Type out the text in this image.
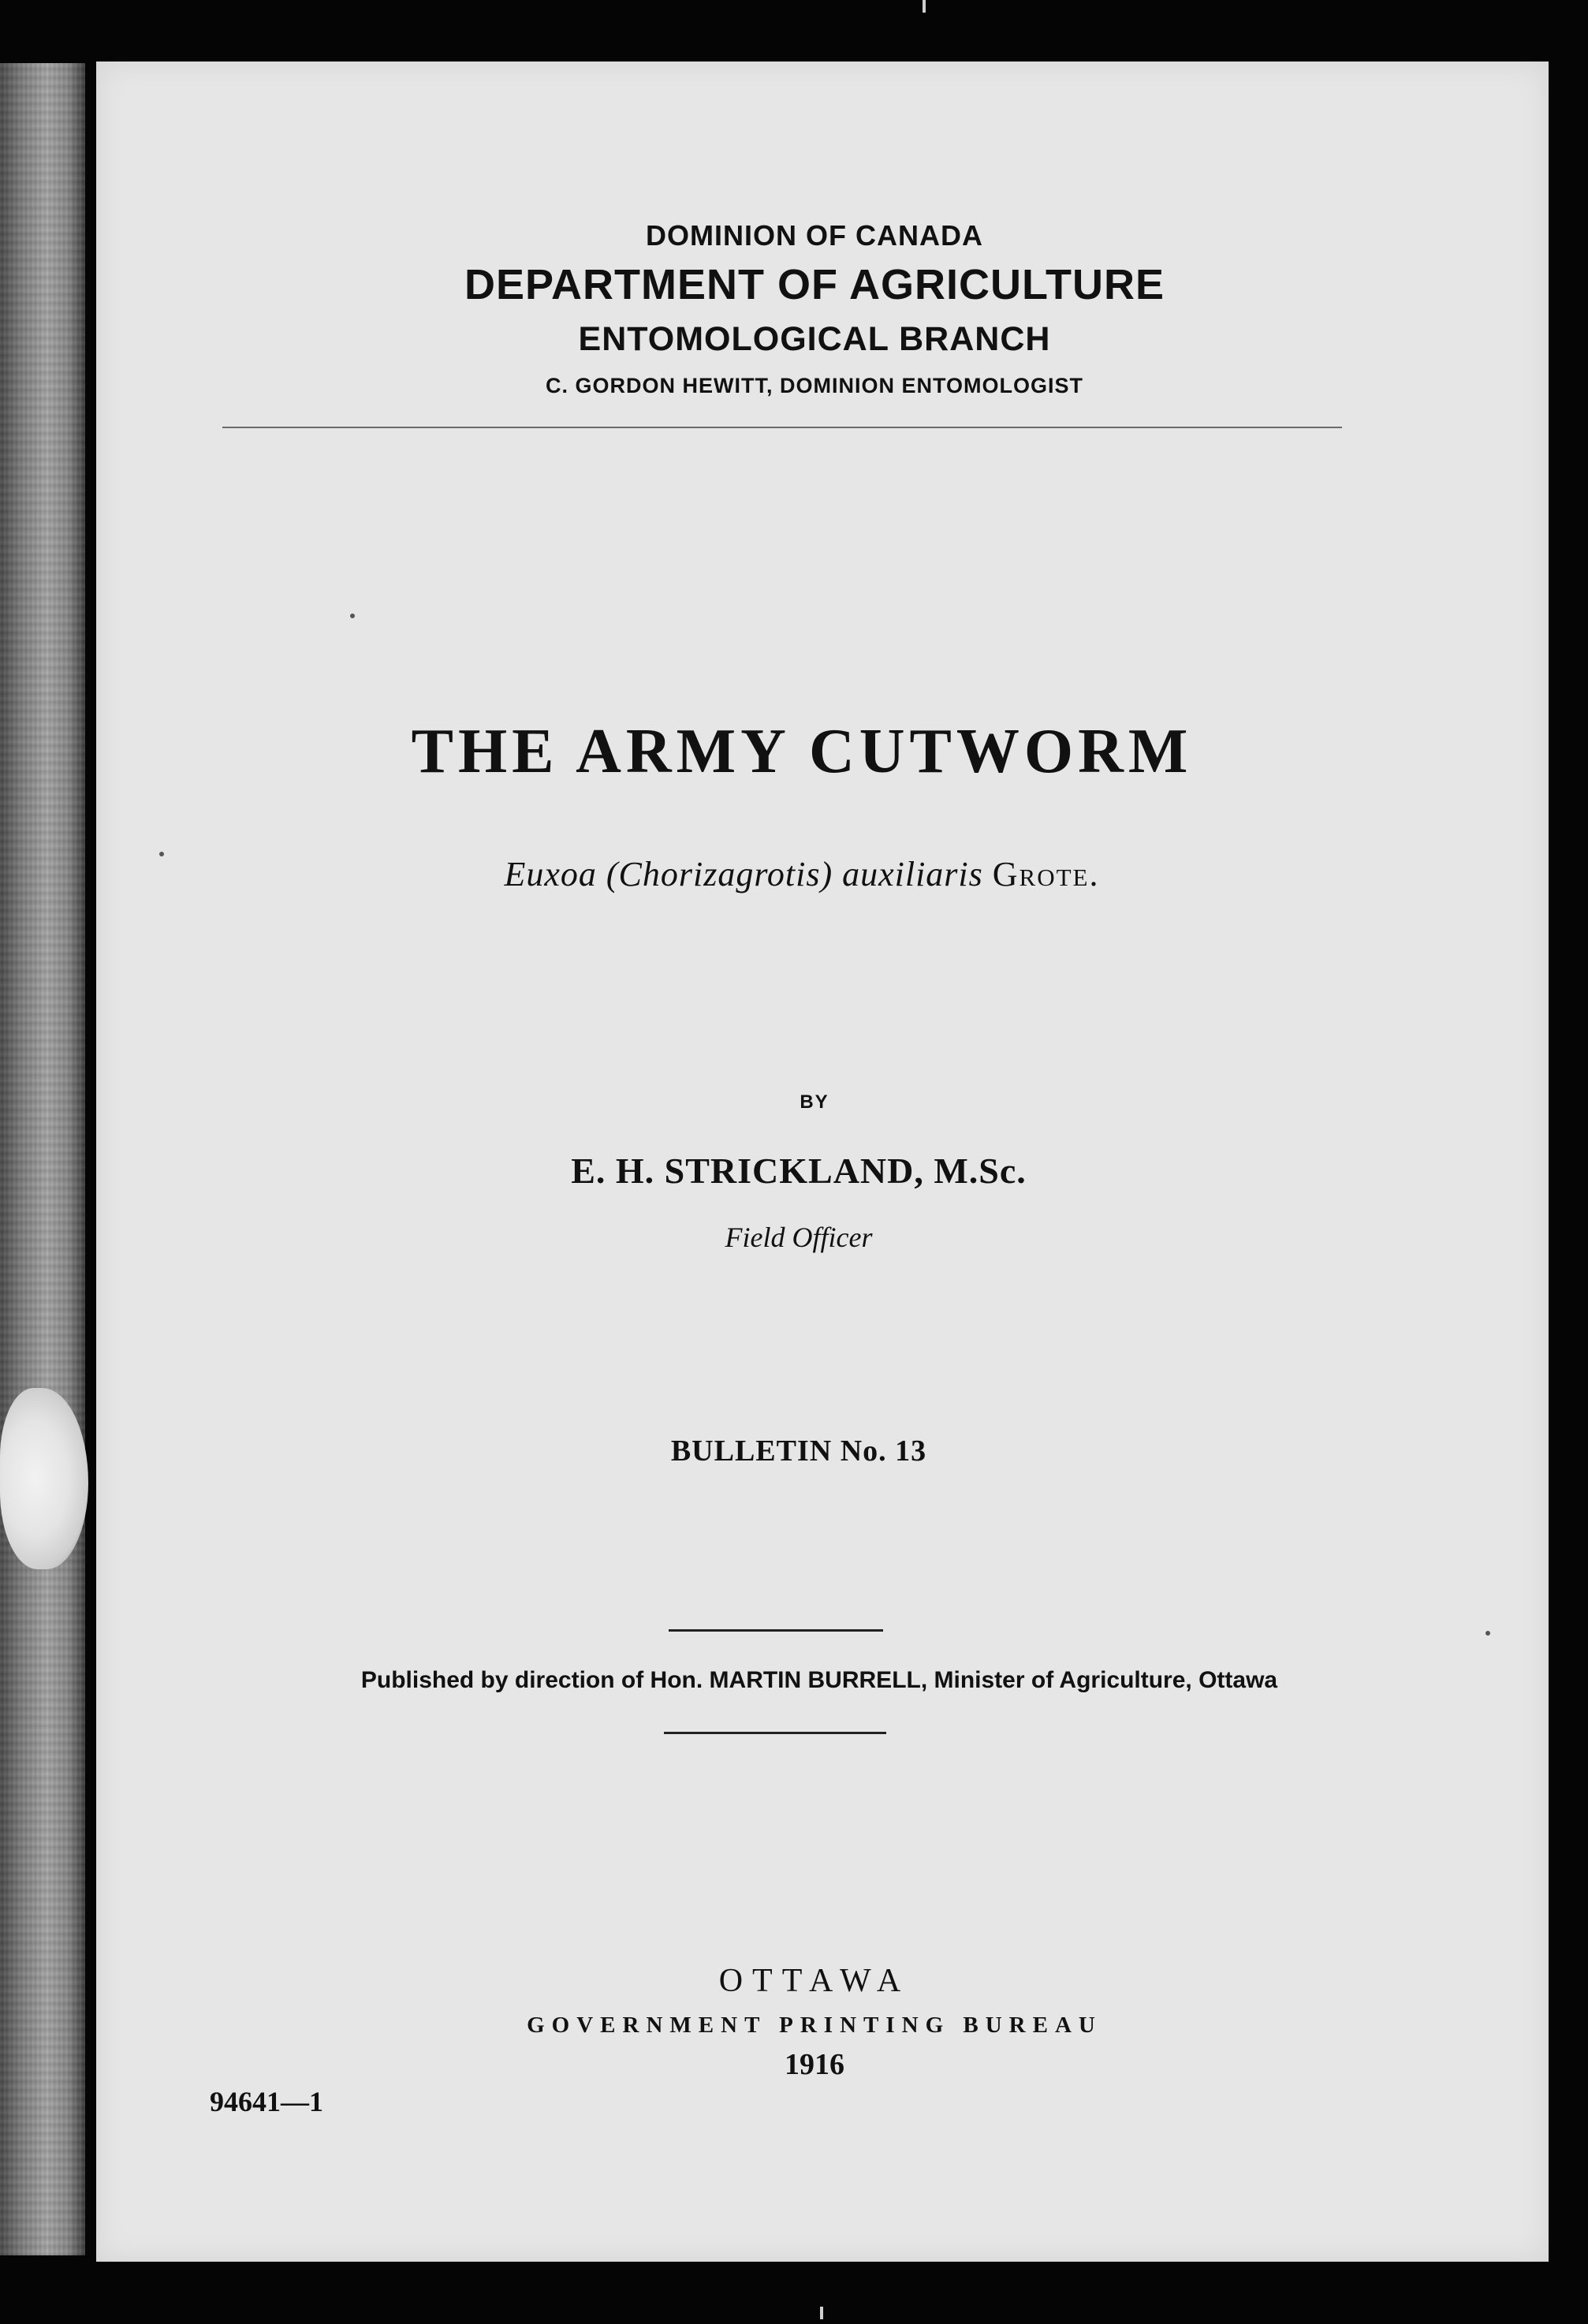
DOMINION OF CANADA
DEPARTMENT OF AGRICULTURE
ENTOMOLOGICAL BRANCH
C. GORDON HEWITT, DOMINION ENTOMOLOGIST
THE ARMY CUTWORM
Euxoa (Chorizagrotis) auxiliaris Grote.
BY
E. H. STRICKLAND, M.Sc.
Field Officer
BULLETIN No. 13
Published by direction of Hon. MARTIN BURRELL, Minister of Agriculture, Ottawa
OTTAWA
GOVERNMENT PRINTING BUREAU
1916
94641—1
